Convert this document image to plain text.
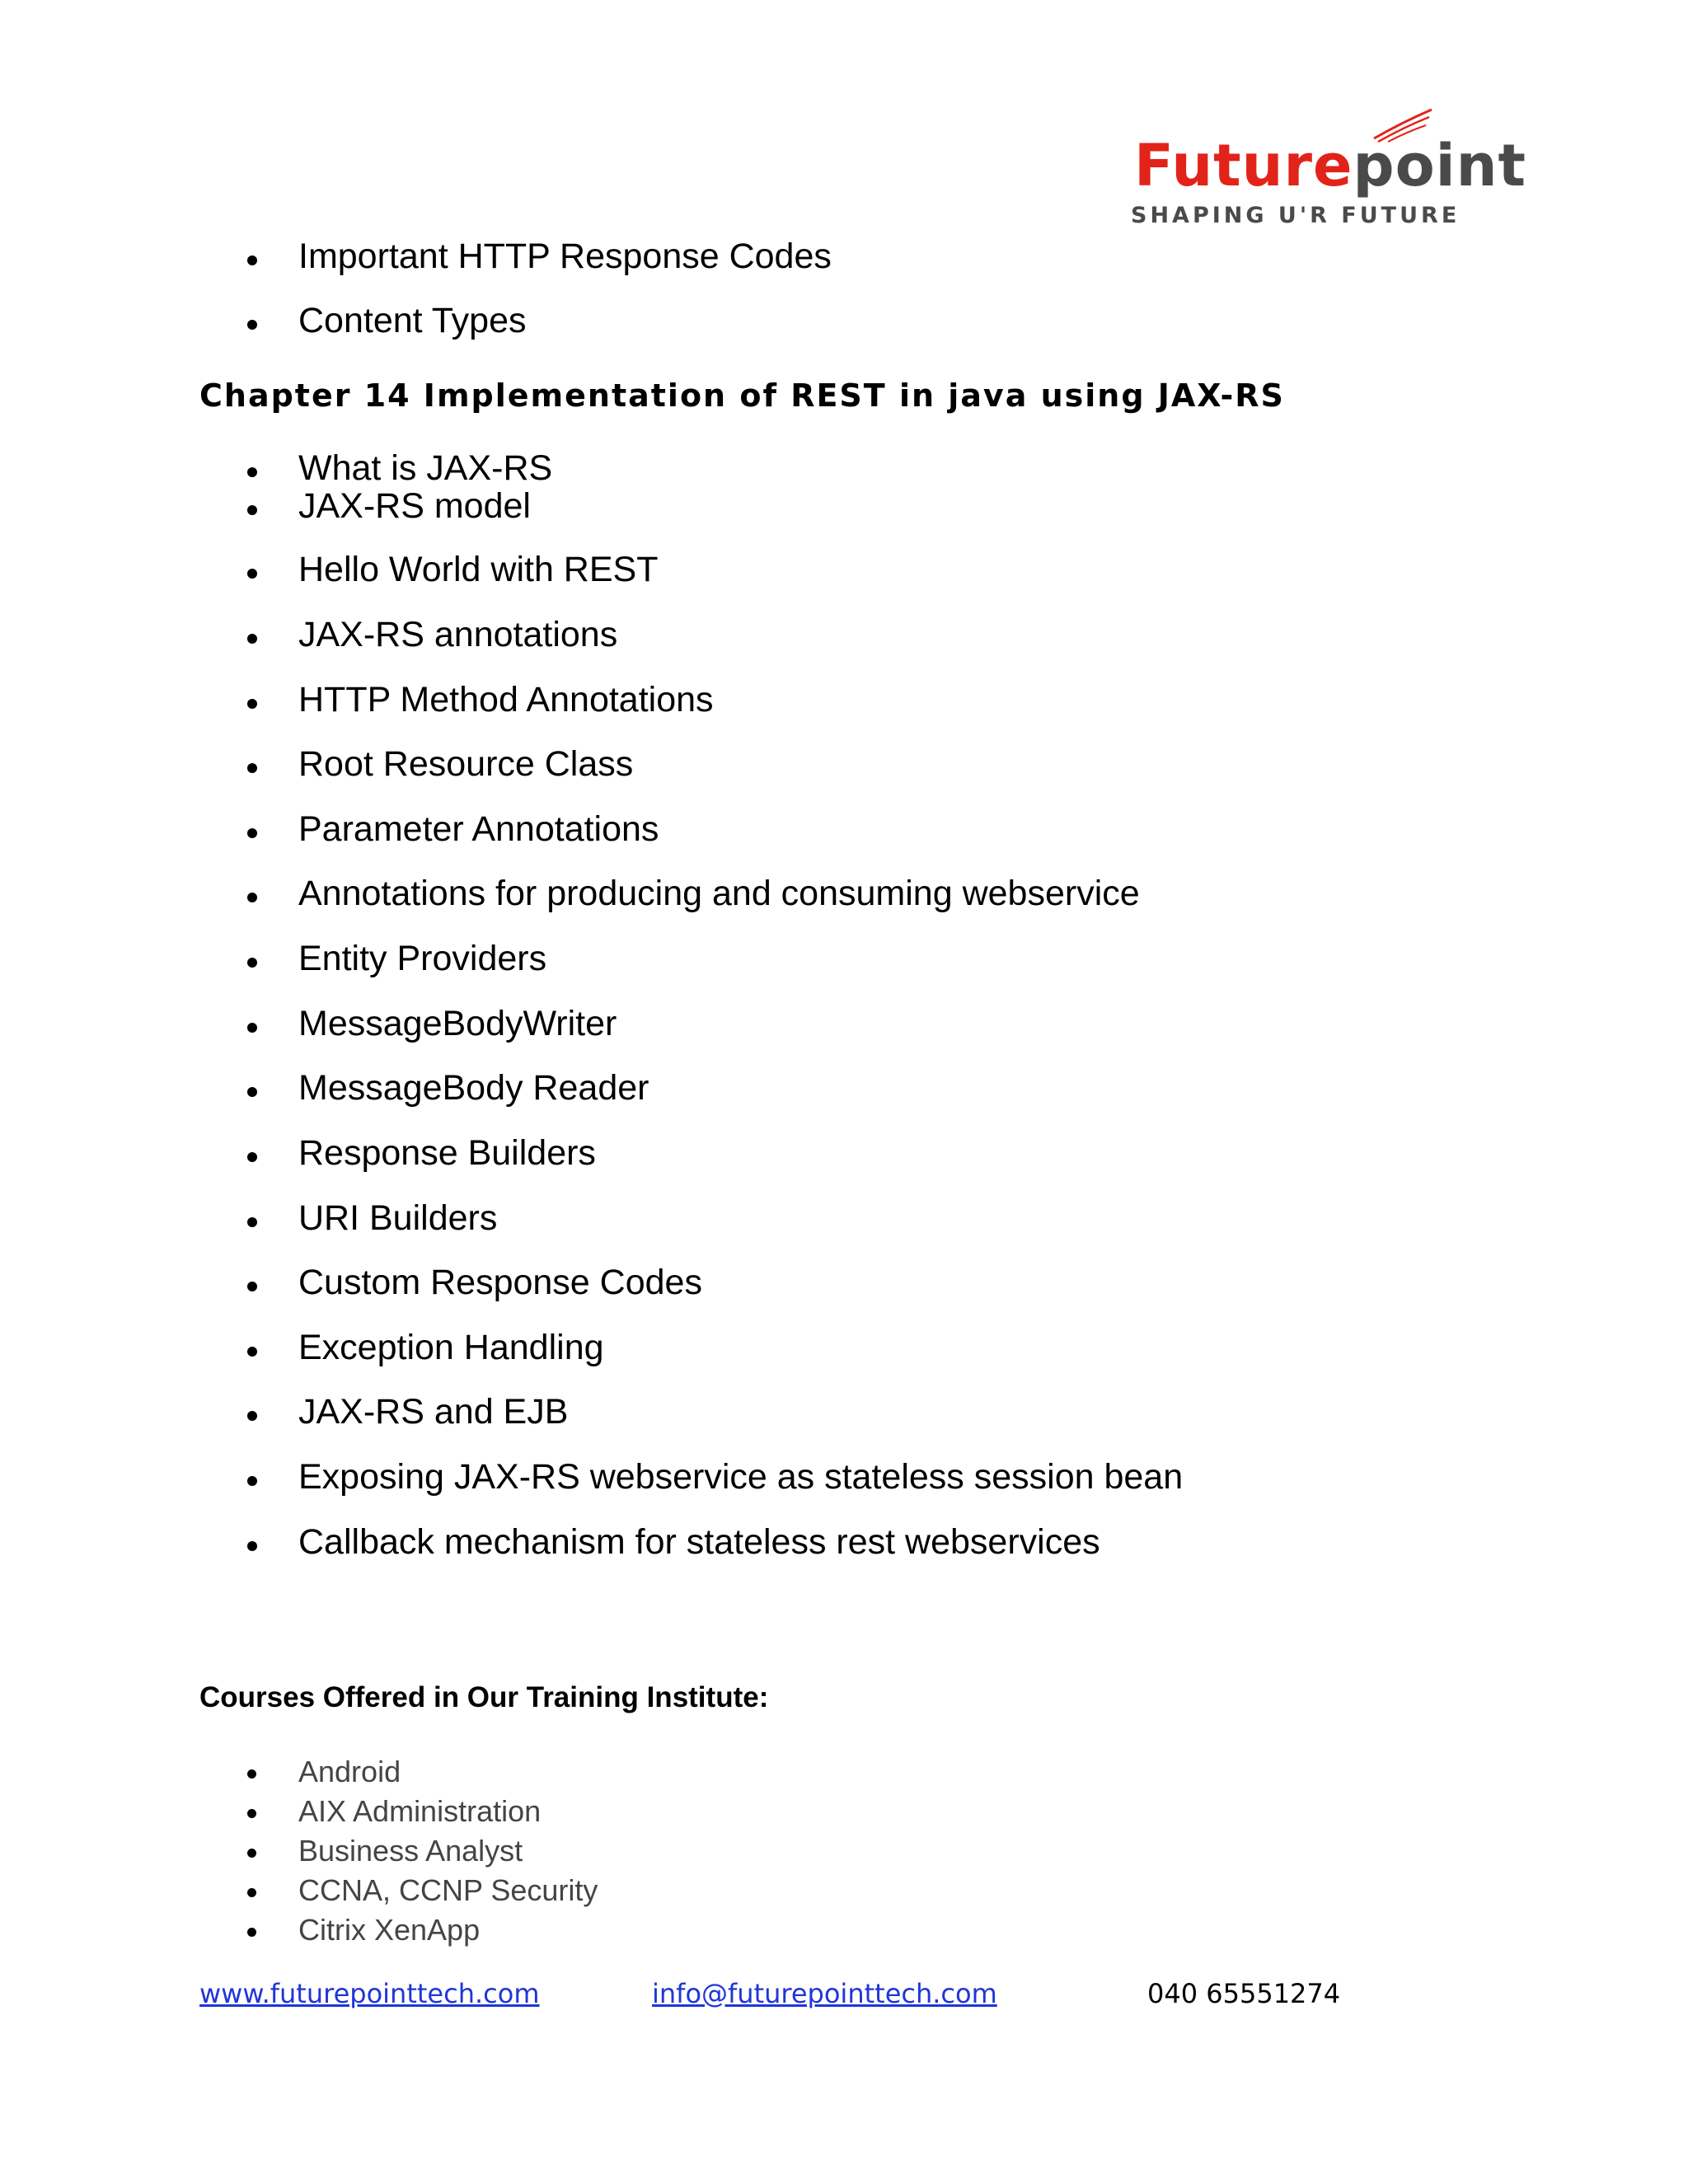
Futurepoint
SHAPING U'R FUTURE
Important HTTP Response Codes
Content Types
Chapter 14 Implementation of REST in java using JAX-RS
What is JAX-RS
JAX-RS model
Hello World with REST
JAX-RS annotations
HTTP Method Annotations
Root Resource Class
Parameter Annotations
Annotations for producing and consuming webservice
Entity Providers
MessageBodyWriter
MessageBody Reader
Response Builders
URI Builders
Custom Response Codes
Exception Handling
JAX-RS and EJB
Exposing JAX-RS webservice as stateless session bean
Callback mechanism for stateless rest webservices
Courses Offered in Our Training Institute:
Android
AIX Administration
Business Analyst
CCNA, CCNP Security
Citrix XenApp
www.futurepointtech.com	info@futurepointtech.com	040 65551274
